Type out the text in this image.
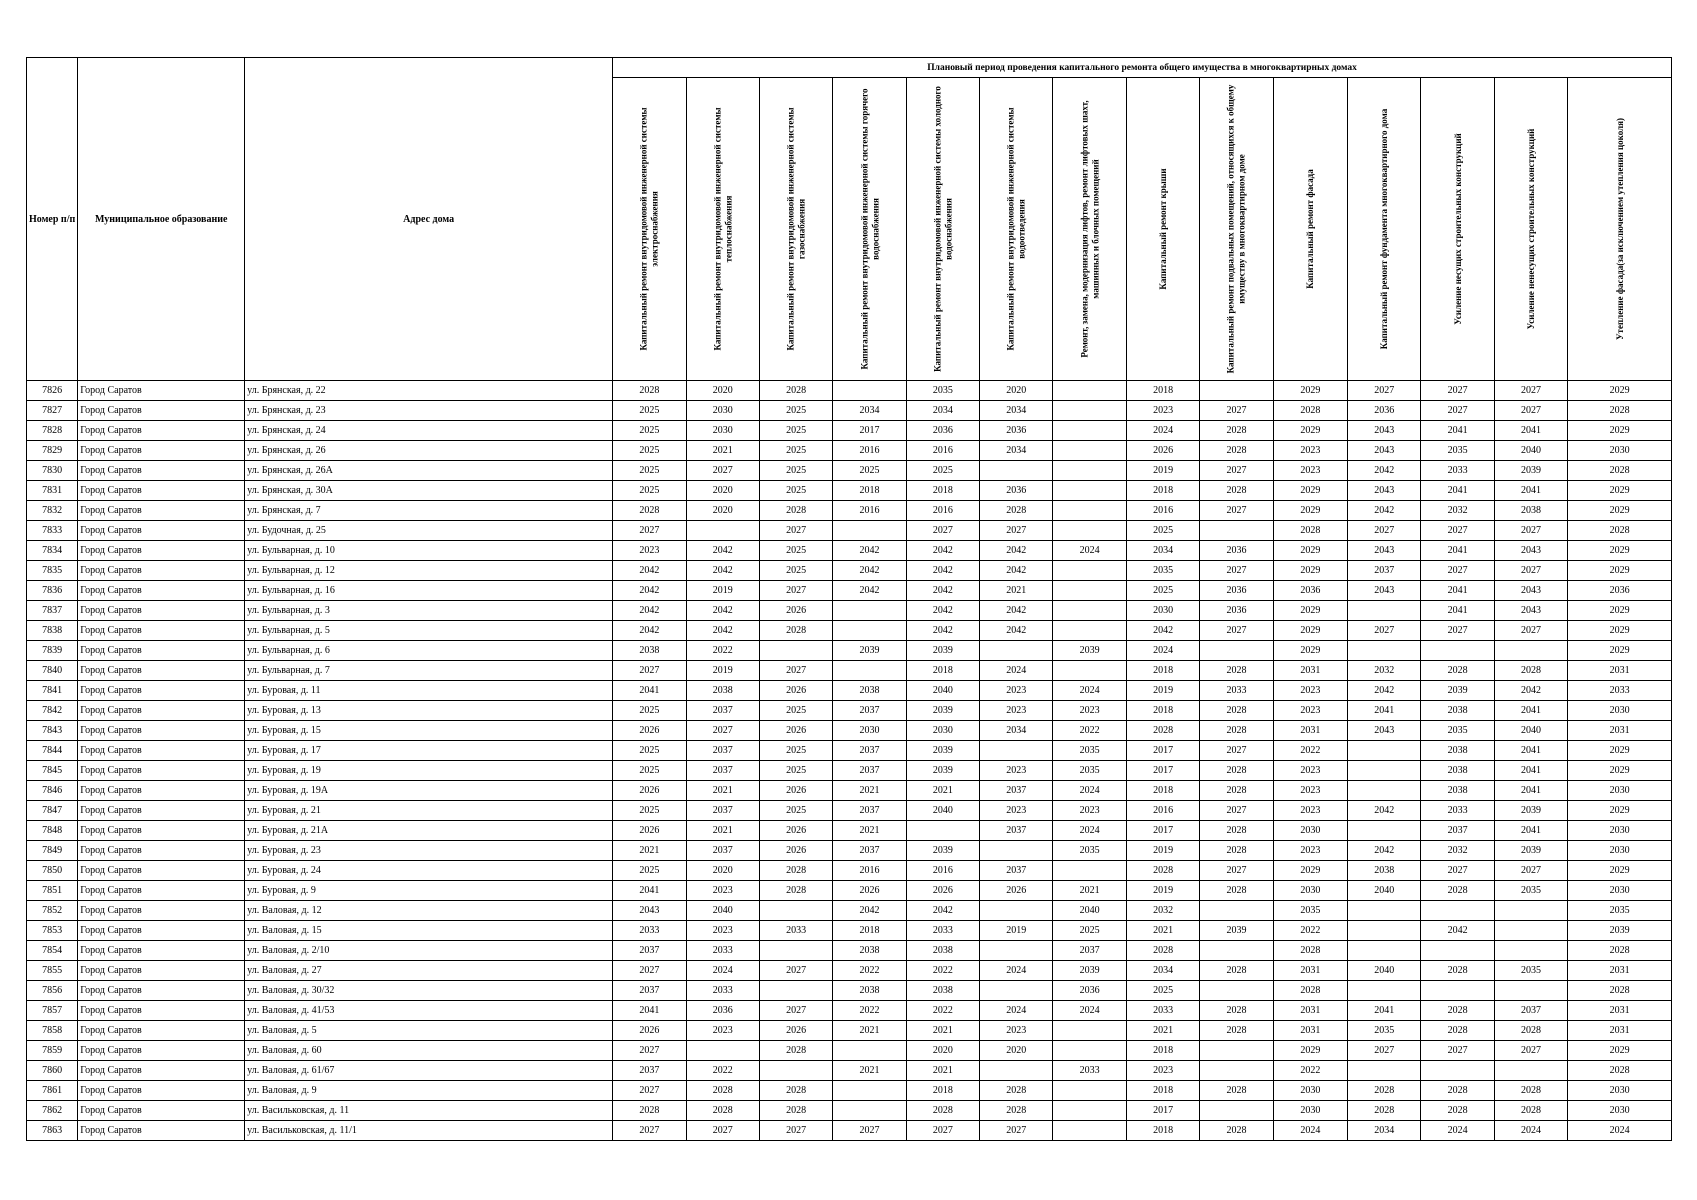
Номер п/п	Муниципальное образование	Адрес дома	Плановый период проведения капитального ремонта общего имущества в многоквартирных домах													

			Капитальный ремонт внутридомовой инженерной системы электроснабжения	Капитальный ремонт внутридомовой инженерной системы теплоснабжения	Капитальный ремонт внутридомовой инженерной системы газоснабжения	Капитальный ремонт внутридомовой инженерной системы горячего водоснабжения	Капитальный ремонт внутридомовой инженерной системы холодного водоснабжения	Капитальный ремонт внутридомовой инженерной системы водоотведения	Ремонт, замена, модернизация лифтов, ремонт лифтовых шахт, машинных и блочных помещений	Капитальный ремонт крыши	Капитальный ремонт подвальных помещений, относящихся к общему имуществу в многоквартирном доме	Капитальный ремонт фасада	Капитальный ремонт фундамента многоквартирного дома	Усиление несущих строительных конструкций	Усиление ненесущих строительных конструкций	Утепление фасада(за исключением утепления цоколя)

7826	Город Саратов	ул. Брянская, д. 22	2028	2020	2028		2035	2020		2018		2029	2027	2027	2027	2029
7827	Город Саратов	ул. Брянская, д. 23	2025	2030	2025	2034	2034	2034		2023	2027	2028	2036	2027	2027	2028
7828	Город Саратов	ул. Брянская, д. 24	2025	2030	2025	2017	2036	2036		2024	2028	2029	2043	2041	2041	2029
7829	Город Саратов	ул. Брянская, д. 26	2025	2021	2025	2016	2016	2034		2026	2028	2023	2043	2035	2040	2030
7830	Город Саратов	ул. Брянская, д. 26А	2025	2027	2025	2025	2025			2019	2027	2023	2042	2033	2039	2028
7831	Город Саратов	ул. Брянская, д. 30А	2025	2020	2025	2018	2018	2036		2018	2028	2029	2043	2041	2041	2029
7832	Город Саратов	ул. Брянская, д. 7	2028	2020	2028	2016	2016	2028		2016	2027	2029	2042	2032	2038	2029
7833	Город Саратов	ул. Будочная, д. 25	2027		2027		2027	2027		2025		2028	2027	2027	2027	2028
7834	Город Саратов	ул. Бульварная, д. 10	2023	2042	2025	2042	2042	2042	2024	2034	2036	2029	2043	2041	2043	2029
7835	Город Саратов	ул. Бульварная, д. 12	2042	2042	2025	2042	2042	2042		2035	2027	2029	2037	2027	2027	2029
7836	Город Саратов	ул. Бульварная, д. 16	2042	2019	2027	2042	2042	2021		2025	2036	2036	2043	2041	2043	2036
7837	Город Саратов	ул. Бульварная, д. 3	2042	2042	2026		2042	2042		2030	2036	2029		2041	2043	2029
7838	Город Саратов	ул. Бульварная, д. 5	2042	2042	2028		2042	2042		2042	2027	2029	2027	2027	2027	2029
7839	Город Саратов	ул. Бульварная, д. 6	2038	2022		2039	2039		2039	2024		2029				2029
7840	Город Саратов	ул. Бульварная, д. 7	2027	2019	2027		2018	2024		2018	2028	2031	2032	2028	2028	2031
7841	Город Саратов	ул. Буровая, д. 11	2041	2038	2026	2038	2040	2023	2024	2019	2033	2023	2042	2039	2042	2033
7842	Город Саратов	ул. Буровая, д. 13	2025	2037	2025	2037	2039	2023	2023	2018	2028	2023	2041	2038	2041	2030
7843	Город Саратов	ул. Буровая, д. 15	2026	2027	2026	2030	2030	2034	2022	2028	2028	2031	2043	2035	2040	2031
7844	Город Саратов	ул. Буровая, д. 17	2025	2037	2025	2037	2039		2035	2017	2027	2022		2038	2041	2029
7845	Город Саратов	ул. Буровая, д. 19	2025	2037	2025	2037	2039	2023	2035	2017	2028	2023		2038	2041	2029
7846	Город Саратов	ул. Буровая, д. 19А	2026	2021	2026	2021	2021	2037	2024	2018	2028	2023		2038	2041	2030
7847	Город Саратов	ул. Буровая, д. 21	2025	2037	2025	2037	2040	2023	2023	2016	2027	2023	2042	2033	2039	2029
7848	Город Саратов	ул. Буровая, д. 21А	2026	2021	2026	2021		2037	2024	2017	2028	2030		2037	2041	2030
7849	Город Саратов	ул. Буровая, д. 23	2021	2037	2026	2037	2039		2035	2019	2028	2023	2042	2032	2039	2030
7850	Город Саратов	ул. Буровая, д. 24	2025	2020	2028	2016	2016	2037		2028	2027	2029	2038	2027	2027	2029
7851	Город Саратов	ул. Буровая, д. 9	2041	2023	2028	2026	2026	2026	2021	2019	2028	2030	2040	2028	2035	2030
7852	Город Саратов	ул. Валовая, д. 12	2043	2040		2042	2042		2040	2032		2035				2035
7853	Город Саратов	ул. Валовая, д. 15	2033	2023	2033	2018	2033	2019	2025	2021	2039	2022		2042		2039
7854	Город Саратов	ул. Валовая, д. 2/10	2037	2033		2038	2038		2037	2028		2028				2028
7855	Город Саратов	ул. Валовая, д. 27	2027	2024	2027	2022	2022	2024	2039	2034	2028	2031	2040	2028	2035	2031
7856	Город Саратов	ул. Валовая, д. 30/32	2037	2033		2038	2038		2036	2025		2028				2028
7857	Город Саратов	ул. Валовая, д. 41/53	2041	2036	2027	2022	2022	2024	2024	2033	2028	2031	2041	2028	2037	2031
7858	Город Саратов	ул. Валовая, д. 5	2026	2023	2026	2021	2021	2023		2021	2028	2031	2035	2028	2028	2031
7859	Город Саратов	ул. Валовая, д. 60	2027		2028		2020	2020		2018		2029	2027	2027	2027	2029
7860	Город Саратов	ул. Валовая, д. 61/67	2037	2022		2021	2021		2033	2023		2022				2028
7861	Город Саратов	ул. Валовая, д. 9	2027	2028	2028		2018	2028		2018	2028	2030	2028	2028	2028	2030
7862	Город Саратов	ул. Васильковская, д. 11	2028	2028	2028		2028	2028		2017		2030	2028	2028	2028	2030
7863	Город Саратов	ул. Васильковская, д. 11/1	2027	2027	2027	2027	2027	2027		2018	2028	2024	2034	2024	2024	2024
